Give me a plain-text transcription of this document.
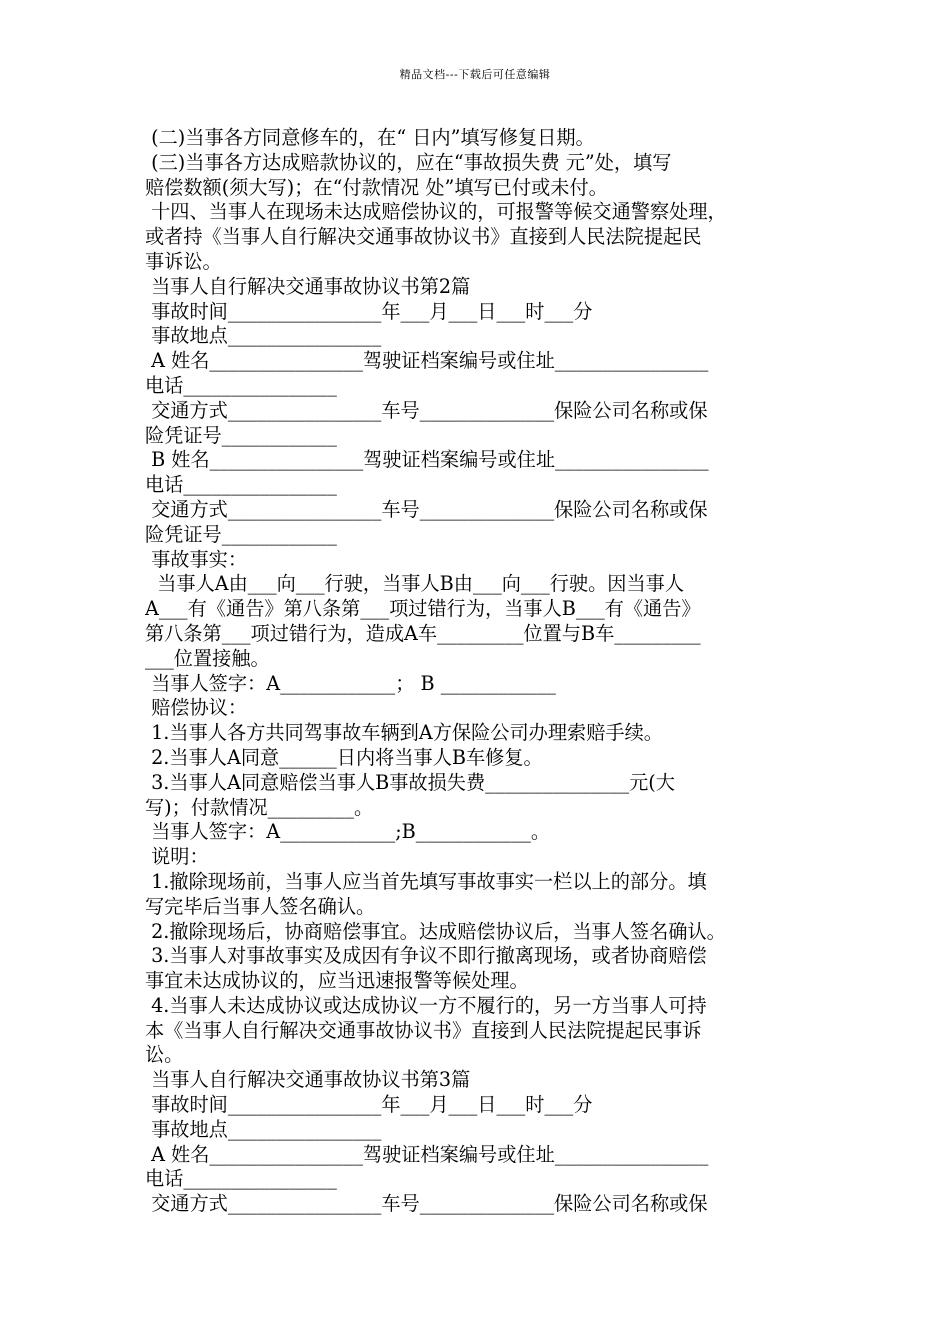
精品文档---下载后可任意编辑
(二)当事各方同意修车的，在“ 日内”填写修复日期。
(三)当事各方达成赔款协议的，应在“事故损失费 元”处，填写
赔偿数额(须大写)；在“付款情况 处”填写已付或未付。
十四、当事人在现场未达成赔偿协议的，可报警等候交通警察处理，
或者持《当事人自行解决交通事故协议书》直接到人民法院提起民
事诉讼。
当事人自行解决交通事故协议书第2篇
事故时间________________年___月___日___时___分
事故地点________________
A 姓名________________驾驶证档案编号或住址________________
电话________________
交通方式________________车号______________保险公司名称或保
险凭证号____________
B 姓名________________驾驶证档案编号或住址________________
电话________________
交通方式________________车号______________保险公司名称或保
险凭证号____________
事故事实：
当事人A由___向___行驶，当事人B由___向___行驶。因当事人
A___有《通告》第八条第___项过错行为，当事人B___有《通告》
第八条第___项过错行为，造成A车_________位置与B车_________
___位置接触。
当事人签字：A____________； B ____________
赔偿协议：
1.当事人各方共同驾事故车辆到A方保险公司办理索赔手续。
2.当事人A同意______日内将当事人B车修复。
3.当事人A同意赔偿当事人B事故损失费_______________元(大
写)；付款情况_________。
当事人签字：A____________;B____________。
说明：
1.撤除现场前，当事人应当首先填写事故事实一栏以上的部分。填
写完毕后当事人签名确认。
2.撤除现场后，协商赔偿事宜。达成赔偿协议后，当事人签名确认。
3.当事人对事故事实及成因有争议不即行撤离现场，或者协商赔偿
事宜未达成协议的，应当迅速报警等候处理。
4.当事人未达成协议或达成协议一方不履行的，另一方当事人可持
本《当事人自行解决交通事故协议书》直接到人民法院提起民事诉
讼。
当事人自行解决交通事故协议书第3篇
事故时间________________年___月___日___时___分
事故地点________________
A 姓名________________驾驶证档案编号或住址________________
电话________________
交通方式________________车号______________保险公司名称或保
